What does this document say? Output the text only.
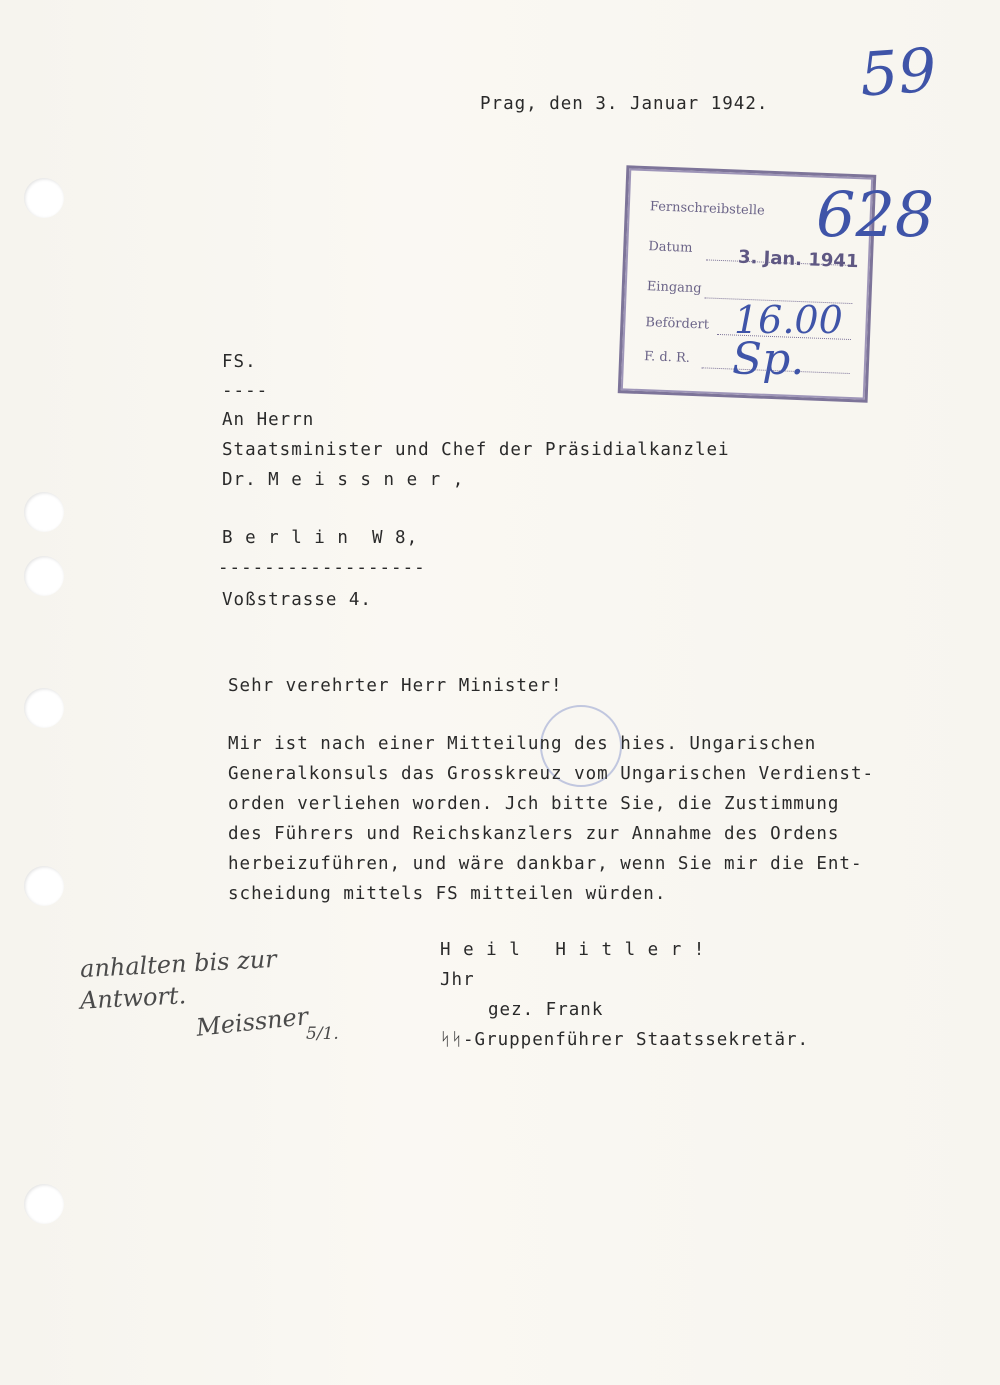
59
Prag, den 3. Januar 1942.
Fernschreibstelle
Datum
Eingang
Befördert
F. d. R.
3. Jan. 1941
628
16.00
Sp.
FS.
----
An Herrn
Staatsminister und Chef der Präsidialkanzlei
Dr. M e i s s n e r ,
B e r l i n  W 8,
------------------
Voßstrasse 4.
Sehr verehrter Herr Minister!
Mir ist nach einer Mitteilung des hies. Ungarischen
Generalkonsuls das Grosskreuz vom Ungarischen Verdienst-
orden verliehen worden. Jch bitte Sie, die Zustimmung
des Führers und Reichskanzlers zur Annahme des Ordens
herbeizuführen, und wäre dankbar, wenn Sie mir die Ent-
scheidung mittels FS mitteilen würden.
H e i l   H i t l e r !
Jhr
gez. Frank
ᛋᛋ-Gruppenführer Staatssekretär.
anhalten bis zur
Antwort.
Meissner
5/1.
